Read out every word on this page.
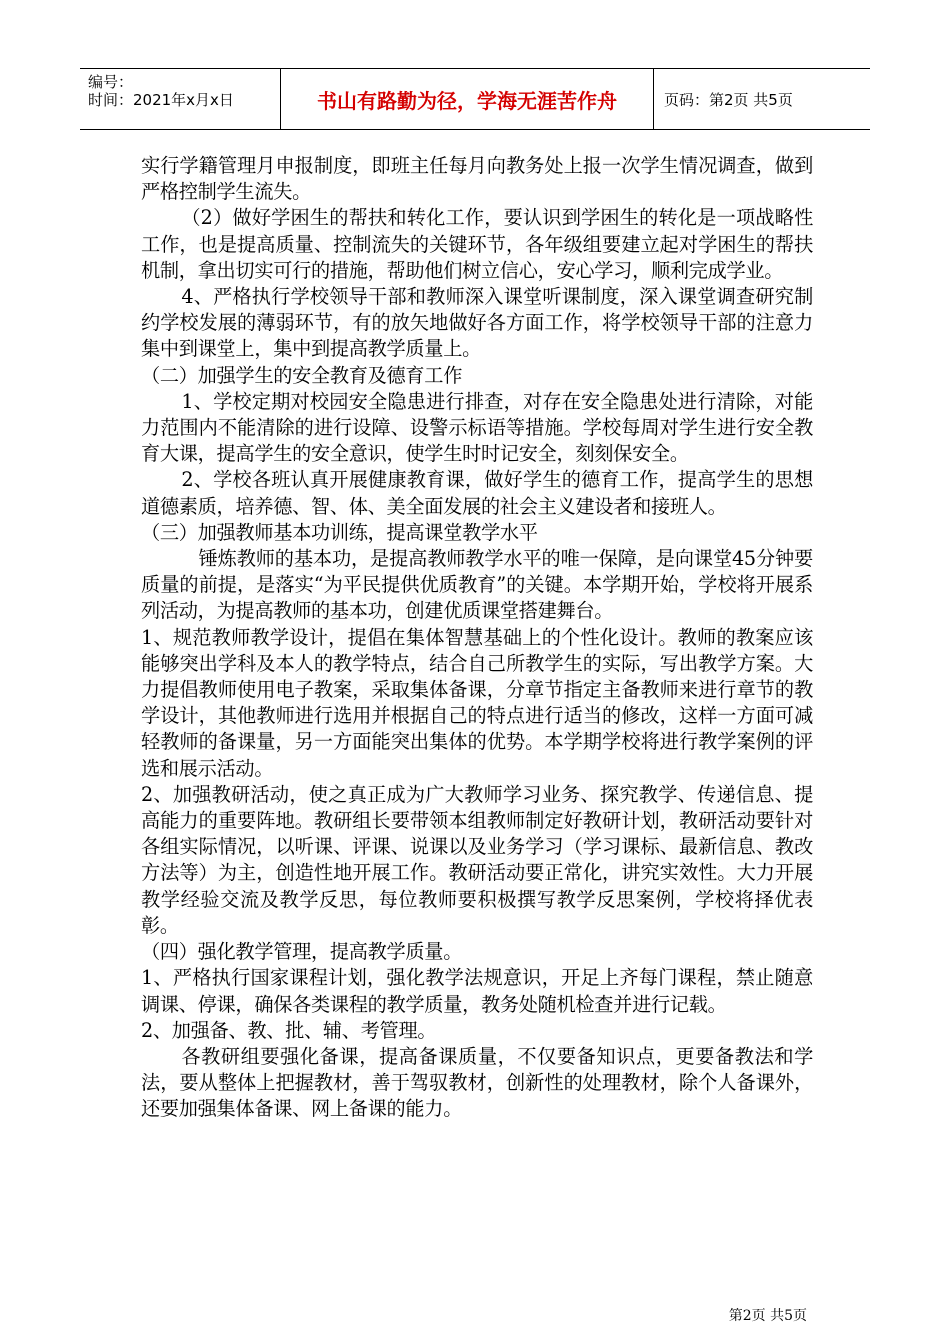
编号：
时间：2021年x月x日	书山有路勤为径，学海无涯苦作舟	页码：第2页 共5页

实行学籍管理月申报制度，即班主任每月向教务处上报一次学生情况调查，做到严格控制学生流失。

（2）做好学困生的帮扶和转化工作，要认识到学困生的转化是一项战略性工作，也是提高质量、控制流失的关键环节，各年级组要建立起对学困生的帮扶机制，拿出切实可行的措施，帮助他们树立信心，安心学习，顺利完成学业。

4、严格执行学校领导干部和教师深入课堂听课制度，深入课堂调查研究制约学校发展的薄弱环节，有的放矢地做好各方面工作，将学校领导干部的注意力集中到课堂上，集中到提高教学质量上。

（二）加强学生的安全教育及德育工作

1、学校定期对校园安全隐患进行排查，对存在安全隐患处进行清除，对能力范围内不能清除的进行设障、设警示标语等措施。学校每周对学生进行安全教育大课，提高学生的安全意识，使学生时时记安全，刻刻保安全。

2、学校各班认真开展健康教育课，做好学生的德育工作，提高学生的思想道德素质，培养德、智、体、美全面发展的社会主义建设者和接班人。

（三）加强教师基本功训练，提高课堂教学水平

锤炼教师的基本功，是提高教师教学水平的唯一保障，是向课堂45分钟要质量的前提，是落实“为平民提供优质教育”的关键。本学期开始，学校将开展系列活动，为提高教师的基本功，创建优质课堂搭建舞台。

1、规范教师教学设计，提倡在集体智慧基础上的个性化设计。教师的教案应该能够突出学科及本人的教学特点，结合自己所教学生的实际，写出教学方案。大力提倡教师使用电子教案，采取集体备课，分章节指定主备教师来进行章节的教学设计，其他教师进行选用并根据自己的特点进行适当的修改，这样一方面可减轻教师的备课量，另一方面能突出集体的优势。本学期学校将进行教学案例的评选和展示活动。

2、加强教研活动，使之真正成为广大教师学习业务、探究教学、传递信息、提高能力的重要阵地。教研组长要带领本组教师制定好教研计划，教研活动要针对各组实际情况，以听课、评课、说课以及业务学习（学习课标、最新信息、教改方法等）为主，创造性地开展工作。教研活动要正常化，讲究实效性。大力开展教学经验交流及教学反思，每位教师要积极撰写教学反思案例，学校将择优表彰。

（四）强化教学管理，提高教学质量。

1、严格执行国家课程计划，强化教学法规意识，开足上齐每门课程，禁止随意调课、停课，确保各类课程的教学质量，教务处随机检查并进行记载。

2、加强备、教、批、辅、考管理。

各教研组要强化备课，提高备课质量，不仅要备知识点，更要备教法和学法，要从整体上把握教材，善于驾驭教材，创新性的处理教材，除个人备课外，还要加强集体备课、网上备课的能力。

第2页 共5页
